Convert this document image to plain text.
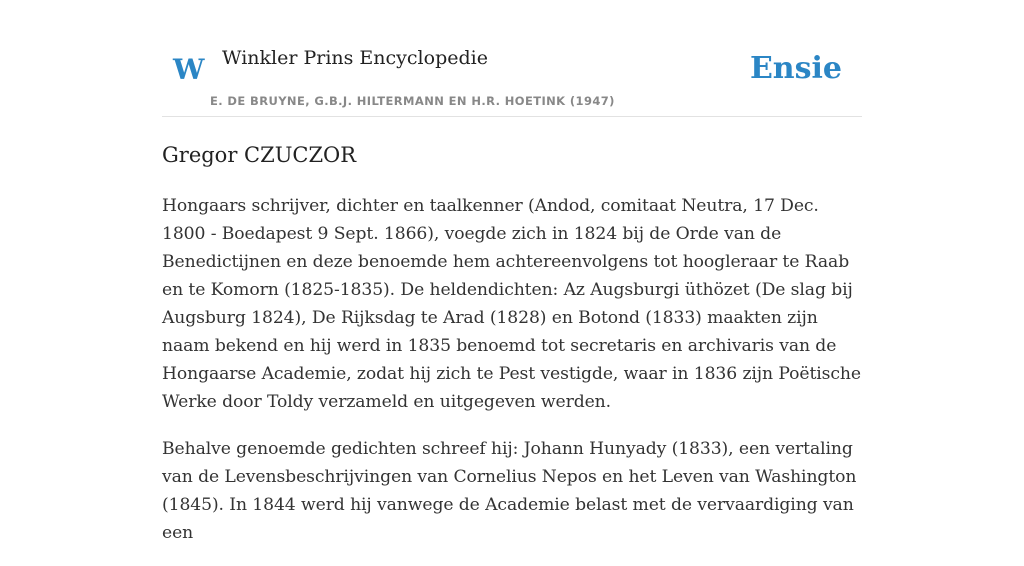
W Winkler Prins Encyclopedie
E. DE BRUYNE, G.B.J. HILTERMANN EN H.R. HOETINK (1947)
Ensie
Gregor CZUCZOR

Hongaars schrijver, dichter en taalkenner (Andod, comitaat Neutra, 17 Dec. 1800 - Boedapest 9 Sept. 1866), voegde zich in 1824 bij de Orde van de Benedictijnen en deze benoemde hem achtereenvolgens tot hoogleraar te Raab en te Komorn (1825-1835). De heldendichten: Az Augsburgi üthözet (De slag bij Augsburg 1824), De Rijksdag te Arad (1828) en Botond (1833) maakten zijn naam bekend en hij werd in 1835 benoemd tot secretaris en archivaris van de Hongaarse Academie, zodat hij zich te Pest vestigde, waar in 1836 zijn Poëtische Werke door Toldy verzameld en uitgegeven werden.

Behalve genoemde gedichten schreef hij: Johann Hunyady (1833), een vertaling van de Levensbeschrijvingen van Cornelius Nepos en het Leven van Washington (1845). In 1844 werd hij vanwege de Academie belast met de vervaardiging van een
